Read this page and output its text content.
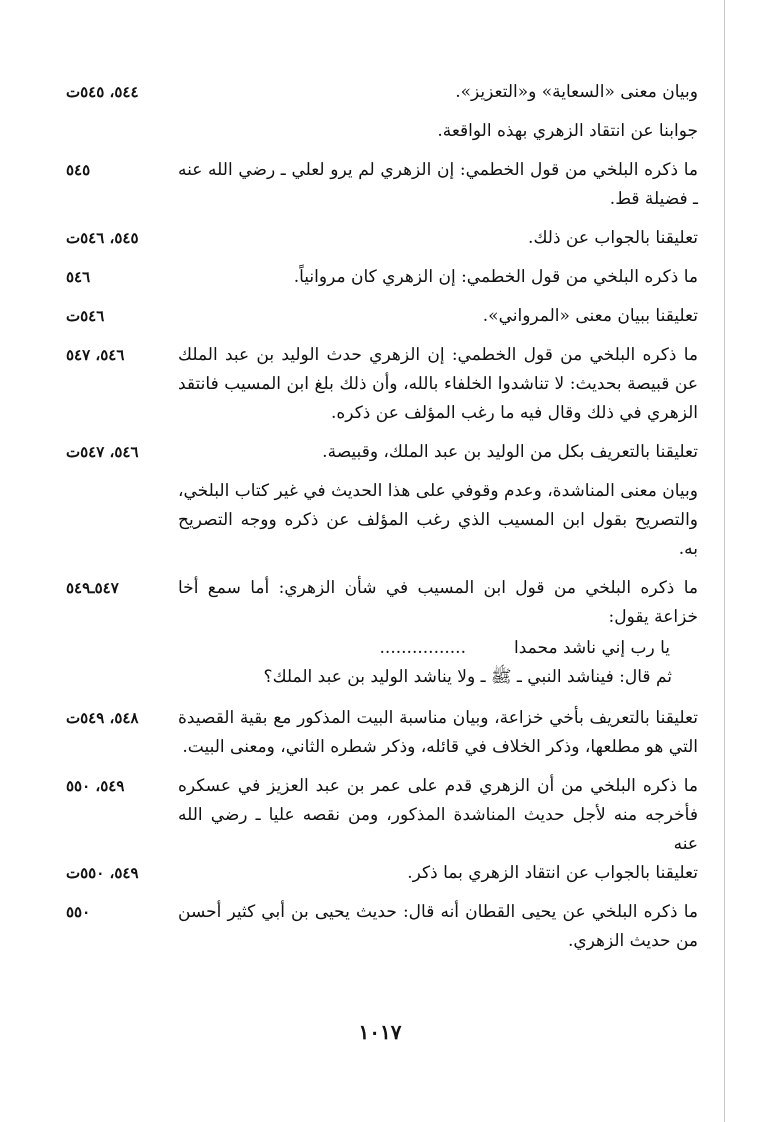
وبيان معنى «السعاية» و«التعزيز».
٥٤٤، ٥٤٥ت
جوابنا عن انتقاد الزهري بهذه الواقعة.
ما ذكره البلخي من قول الخطمي: إن الزهري لم يرو لعلي ـ رضي الله عنه ـ فضيلة قط.
٥٤٥
تعليقنا بالجواب عن ذلك.
٥٤٥، ٥٤٦ت
ما ذكره البلخي من قول الخطمي: إن الزهري كان مروانياً.
٥٤٦
تعليقنا ببيان معنى «المرواني».
٥٤٦ت
ما ذكره البلخي من قول الخطمي: إن الزهري حدث الوليد بن عبد الملك عن قبيصة بحديث: لا تناشدوا الخلفاء بالله، وأن ذلك بلغ ابن المسيب فانتقد الزهري في ذلك وقال فيه ما رغب المؤلف عن ذكره.
٥٤٦، ٥٤٧
تعليقنا بالتعريف بكل من الوليد بن عبد الملك، وقبيصة.
٥٤٦، ٥٤٧ت
وبيان معنى المناشدة، وعدم وقوفي على هذا الحديث في غير كتاب البلخي، والتصريح بقول ابن المسيب الذي رغب المؤلف عن ذكره ووجه التصريح به.
ما ذكره البلخي من قول ابن المسيب في شأن الزهري: أما سمع أخا خزاعة يقول:
٥٤٧ـ٥٤٩
يا رب إني ناشد محمدا................
ثم قال: فيناشد النبي ـ ﷺ ـ ولا يناشد الوليد بن عبد الملك؟
تعليقنا بالتعريف بأخي خزاعة، وبيان مناسبة البيت المذكور مع بقية القصيدة التي هو مطلعها، وذكر الخلاف في قائله، وذكر شطره الثاني، ومعنى البيت.
٥٤٨، ٥٤٩ت
ما ذكره البلخي من أن الزهري قدم على عمر بن عبد العزيز في عسكره فأخرجه منه لأجل حديث المناشدة المذكور، ومن نقصه عليا ـ رضي الله عنه
٥٤٩، ٥٥٠
تعليقنا بالجواب عن انتقاد الزهري بما ذكر.
٥٤٩، ٥٥٠ت
ما ذكره البلخي عن يحيى القطان أنه قال: حديث يحيى بن أبي كثير أحسن من حديث الزهري.
٥٥٠
١٠١٧
